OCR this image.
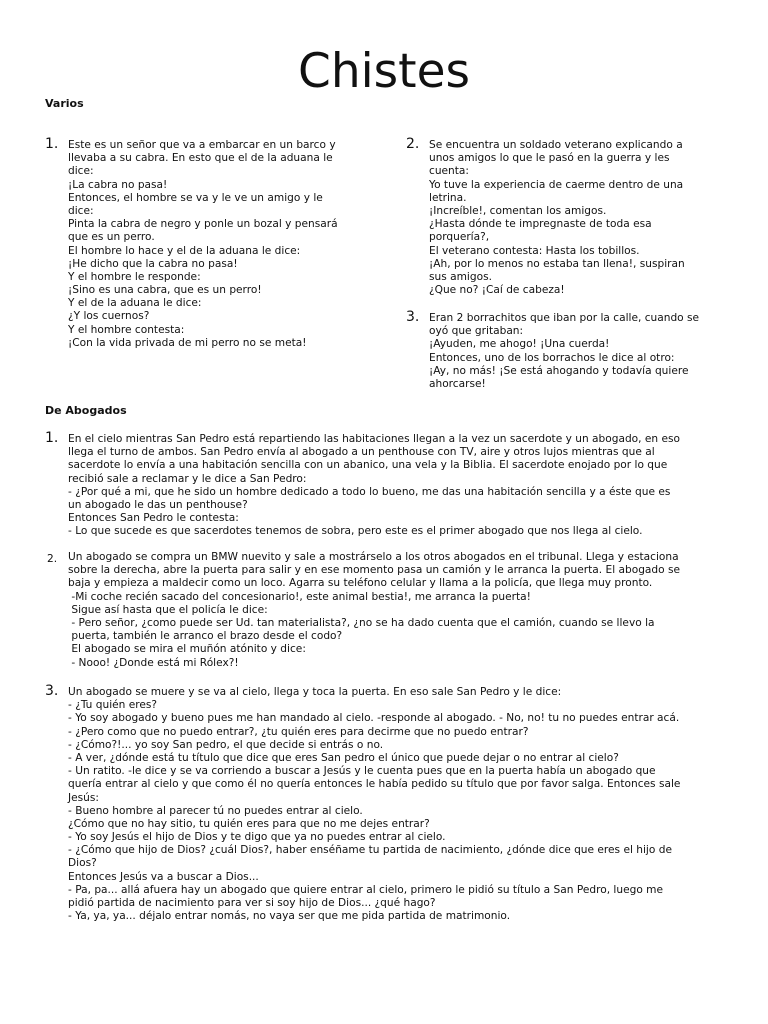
Chistes
Varios
1. Este es un señor que va a embarcar en un barco y
llevaba a su cabra. En esto que el de la aduana le
dice:
¡La cabra no pasa!
Entonces, el hombre se va y le ve un amigo y le
dice:
Pinta la cabra de negro y ponle un bozal y pensará
que es un perro.
El hombre lo hace y el de la aduana le dice:
¡He dicho que la cabra no pasa!
Y el hombre le responde:
¡Sino es una cabra, que es un perro!
Y el de la aduana le dice:
¿Y los cuernos?
Y el hombre contesta:
¡Con la vida privada de mi perro no se meta!
2. Se encuentra un soldado veterano explicando a
unos amigos lo que le pasó en la guerra y les
cuenta:
Yo tuve la experiencia de caerme dentro de una
letrina.
¡Increíble!, comentan los amigos.
¿Hasta dónde te impregnaste de toda esa
porquería?,
El veterano contesta: Hasta los tobillos.
¡Ah, por lo menos no estaba tan llena!, suspiran
sus amigos.
¿Que no? ¡Caí de cabeza!
3. Eran 2 borrachitos que iban por la calle, cuando se
oyó que gritaban:
¡Ayuden, me ahogo! ¡Una cuerda!
Entonces, uno de los borrachos le dice al otro:
¡Ay, no más! ¡Se está ahogando y todavía quiere
ahorcarse!
De Abogados
1. En el cielo mientras San Pedro está repartiendo las habitaciones llegan a la vez un sacerdote y un abogado, en eso
llega el turno de ambos. San Pedro envía al abogado a un penthouse con TV, aire y otros lujos mientras que al
sacerdote lo envía a una habitación sencilla con un abanico, una vela y la Biblia. El sacerdote enojado por lo que
recibió sale a reclamar y le dice a San Pedro:
- ¿Por qué a mi, que he sido un hombre dedicado a todo lo bueno, me das una habitación sencilla y a éste que es
un abogado le das un penthouse?
Entonces San Pedro le contesta:
- Lo que sucede es que sacerdotes tenemos de sobra, pero este es el primer abogado que nos llega al cielo.
2. Un abogado se compra un BMW nuevito y sale a mostrárselo a los otros abogados en el tribunal. Llega y estaciona
sobre la derecha, abre la puerta para salir y en ese momento pasa un camión y le arranca la puerta. El abogado se
baja y empieza a maldecir como un loco. Agarra su teléfono celular y llama a la policía, que llega muy pronto.
-Mi coche recién sacado del concesionario!, este animal bestia!, me arranca la puerta!
Sigue así hasta que el policía le dice:
- Pero señor, ¿como puede ser Ud. tan materialista?, ¿no se ha dado cuenta que el camión, cuando se llevo la
puerta, también le arranco el brazo desde el codo?
El abogado se mira el muñón atónito y dice:
- Nooo! ¿Donde está mi Rólex?!
3. Un abogado se muere y se va al cielo, llega y toca la puerta. En eso sale San Pedro y le dice:
- ¿Tu quién eres?
- Yo soy abogado y bueno pues me han mandado al cielo. -responde al abogado. - No, no! tu no puedes entrar acá.
- ¿Pero como que no puedo entrar?, ¿tu quién eres para decirme que no puedo entrar?
- ¿Cómo?!... yo soy San pedro, el que decide si entrás o no.
- A ver, ¿dónde está tu título que dice que eres San pedro el único que puede dejar o no entrar al cielo?
- Un ratito. -le dice y se va corriendo a buscar a Jesús y le cuenta pues que en la puerta había un abogado que
quería entrar al cielo y que como él no quería entonces le había pedido su título que por favor salga. Entonces sale
Jesús:
- Bueno hombre al parecer tú no puedes entrar al cielo.
¿Cómo que no hay sitio, tu quién eres para que no me dejes entrar?
- Yo soy Jesús el hijo de Dios y te digo que ya no puedes entrar al cielo.
- ¿Cómo que hijo de Dios? ¿cuál Dios?, haber enséñame tu partida de nacimiento, ¿dónde dice que eres el hijo de
Dios?
Entonces Jesús va a buscar a Dios...
- Pa, pa... allá afuera hay un abogado que quiere entrar al cielo, primero le pidió su título a San Pedro, luego me
pidió partida de nacimiento para ver si soy hijo de Dios... ¿qué hago?
- Ya, ya, ya... déjalo entrar nomás, no vaya ser que me pida partida de matrimonio.
